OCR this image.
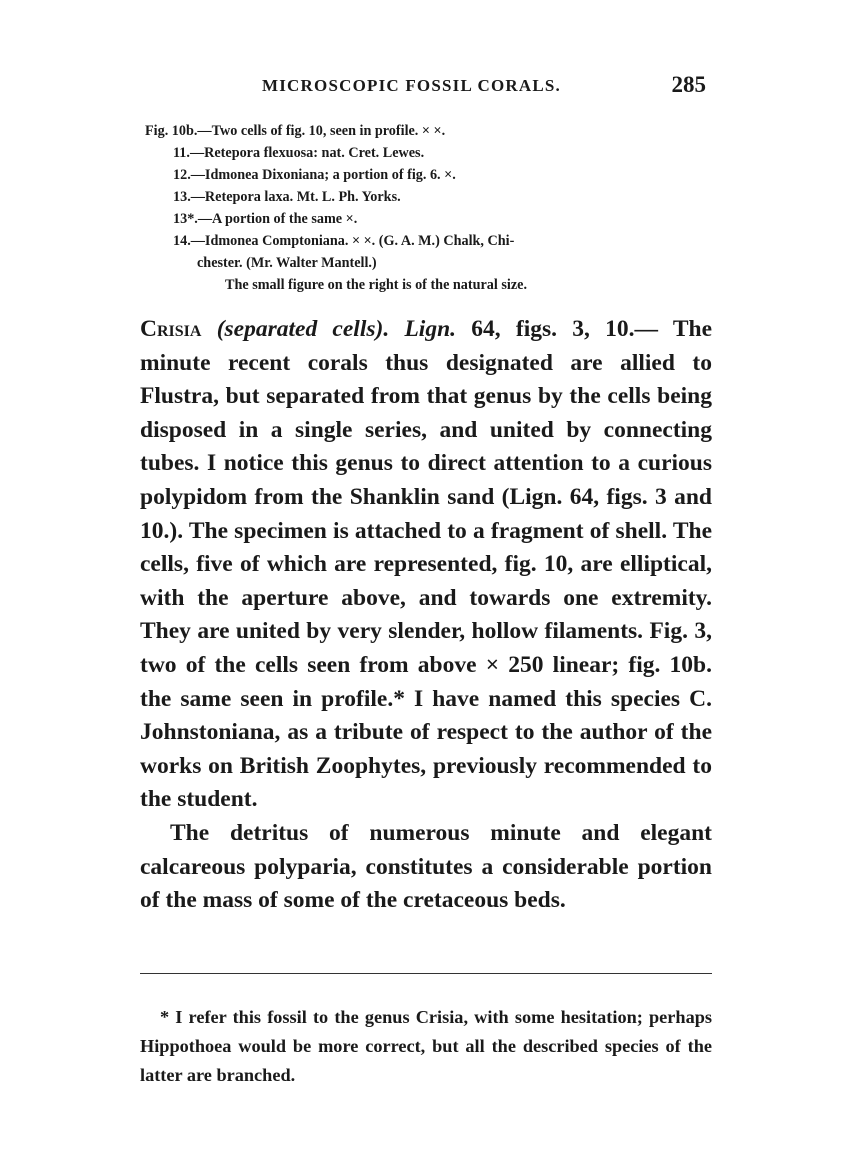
MICROSCOPIC FOSSIL CORALS.	285
Fig. 10b.—Two cells of fig. 10, seen in profile. × ×.
11.—Retepora flexuosa: nat. Cret. Lewes.
12.—Idmonea Dixoniana; a portion of fig. 6. ×.
13.—Retepora laxa. Mt. L. Ph. Yorks.
13*.—A portion of the same ×.
14.—Idmonea Comptoniana. × ×. (G. A. M.) Chalk, Chi-
chester. (Mr. Walter Mantell.)
The small figure on the right is of the natural size.

Crisia (separated cells). Lign. 64, figs. 3, 10.— The minute recent corals thus designated are allied to Flustra, but separated from that genus by the cells being disposed in a single series, and united by connecting tubes. I notice this genus to direct attention to a curious polypidom from the Shanklin sand (Lign. 64, figs. 3 and 10.). The specimen is attached to a fragment of shell. The cells, five of which are represented, fig. 10, are elliptical, with the aperture above, and towards one extremity. They are united by very slender, hollow filaments. Fig. 3, two of the cells seen from above × 250 linear; fig. 10b. the same seen in profile.* I have named this species C. Johnstoniana, as a tribute of respect to the author of the works on British Zoophytes, previously recommended to the student.

The detritus of numerous minute and elegant calcareous polyparia, constitutes a considerable portion of the mass of some of the cretaceous beds.

* I refer this fossil to the genus Crisia, with some hesitation; perhaps Hippothoea would be more correct, but all the described species of the latter are branched.
